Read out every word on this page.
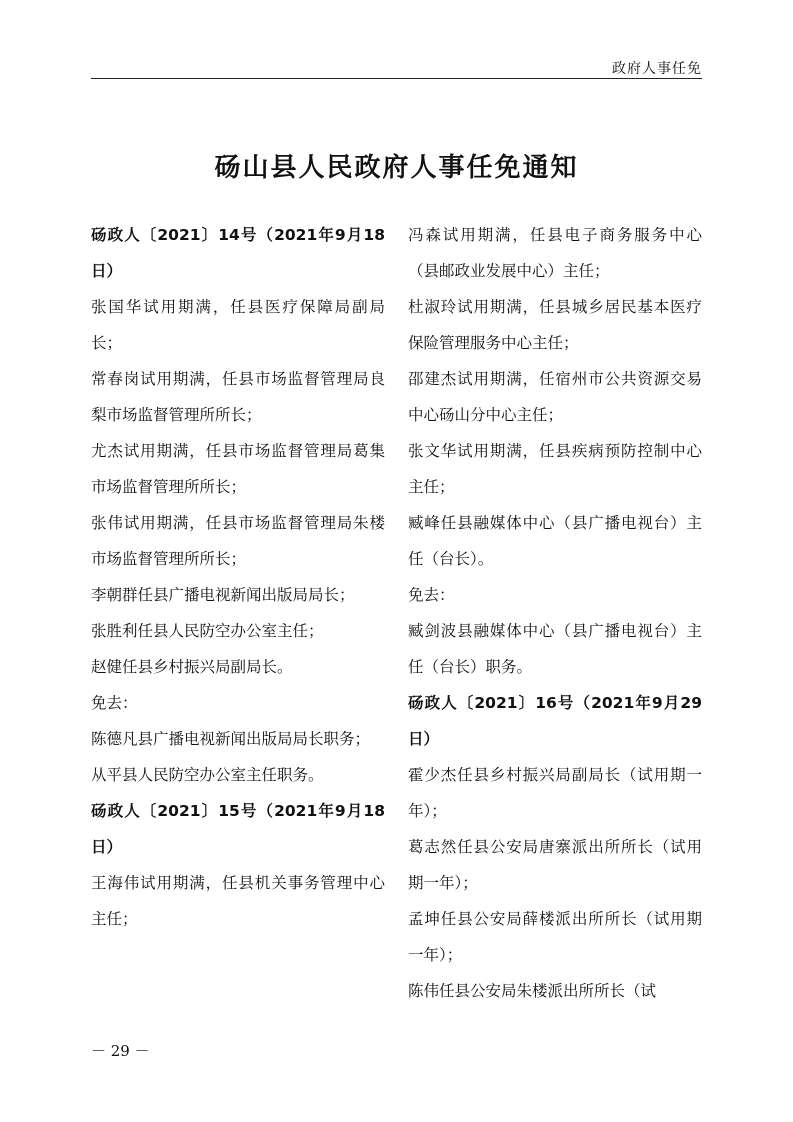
政府人事任免
砀山县人民政府人事任免通知

砀政人〔2021〕14号（2021年9月18日）

张国华试用期满，任县医疗保障局副局长；

常春岗试用期满，任县市场监督管理局良梨市场监督管理所所长；

尤杰试用期满，任县市场监督管理局葛集市场监督管理所所长；

张伟试用期满，任县市场监督管理局朱楼市场监督管理所所长；

李朝群任县广播电视新闻出版局局长；

张胜利任县人民防空办公室主任；

赵健任县乡村振兴局副局长。

免去：

陈德凡县广播电视新闻出版局局长职务；

从平县人民防空办公室主任职务。

砀政人〔2021〕15号（2021年9月18日）

王海伟试用期满，任县机关事务管理中心主任；

冯森试用期满，任县电子商务服务中心（县邮政业发展中心）主任；

杜淑玲试用期满，任县城乡居民基本医疗保险管理服务中心主任；

邵建杰试用期满，任宿州市公共资源交易中心砀山分中心主任；

张文华试用期满，任县疾病预防控制中心主任；

臧峰任县融媒体中心（县广播电视台）主任（台长）。

免去：

臧剑波县融媒体中心（县广播电视台）主任（台长）职务。

砀政人〔2021〕16号（2021年9月29日）

霍少杰任县乡村振兴局副局长（试用期一年）；

葛志然任县公安局唐寨派出所所长（试用期一年）；

孟坤任县公安局薛楼派出所所长（试用期一年）；

陈伟任县公安局朱楼派出所所长（试

－ 29 －
